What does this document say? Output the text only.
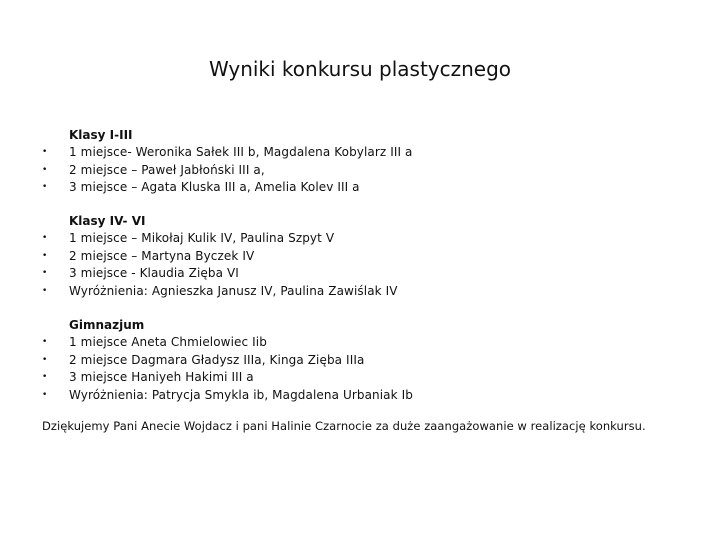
Wyniki konkursu plastycznego
Klasy I-III
• 1 miejsce- Weronika Sałek III b, Magdalena Kobylarz III a
• 2 miejsce – Paweł Jabłoński III a,
• 3 miejsce – Agata Kluska III a, Amelia Kolev III a
Klasy IV- VI
• 1 miejsce – Mikołaj Kulik IV, Paulina Szpyt V
• 2 miejsce – Martyna Byczek IV
• 3 miejsce - Klaudia Zięba VI
• Wyróżnienia: Agnieszka Janusz IV, Paulina Zawiślak IV
Gimnazjum
• 1 miejsce Aneta Chmielowiec Iib
• 2 miejsce Dagmara Gładysz IIIa, Kinga Zięba IIIa
• 3 miejsce Haniyeh Hakimi III a
• Wyróżnienia: Patrycja Smykla ib, Magdalena Urbaniak Ib
Dziękujemy Pani Anecie Wojdacz i pani Halinie Czarnocie za duże zaangażowanie w realizację konkursu.
